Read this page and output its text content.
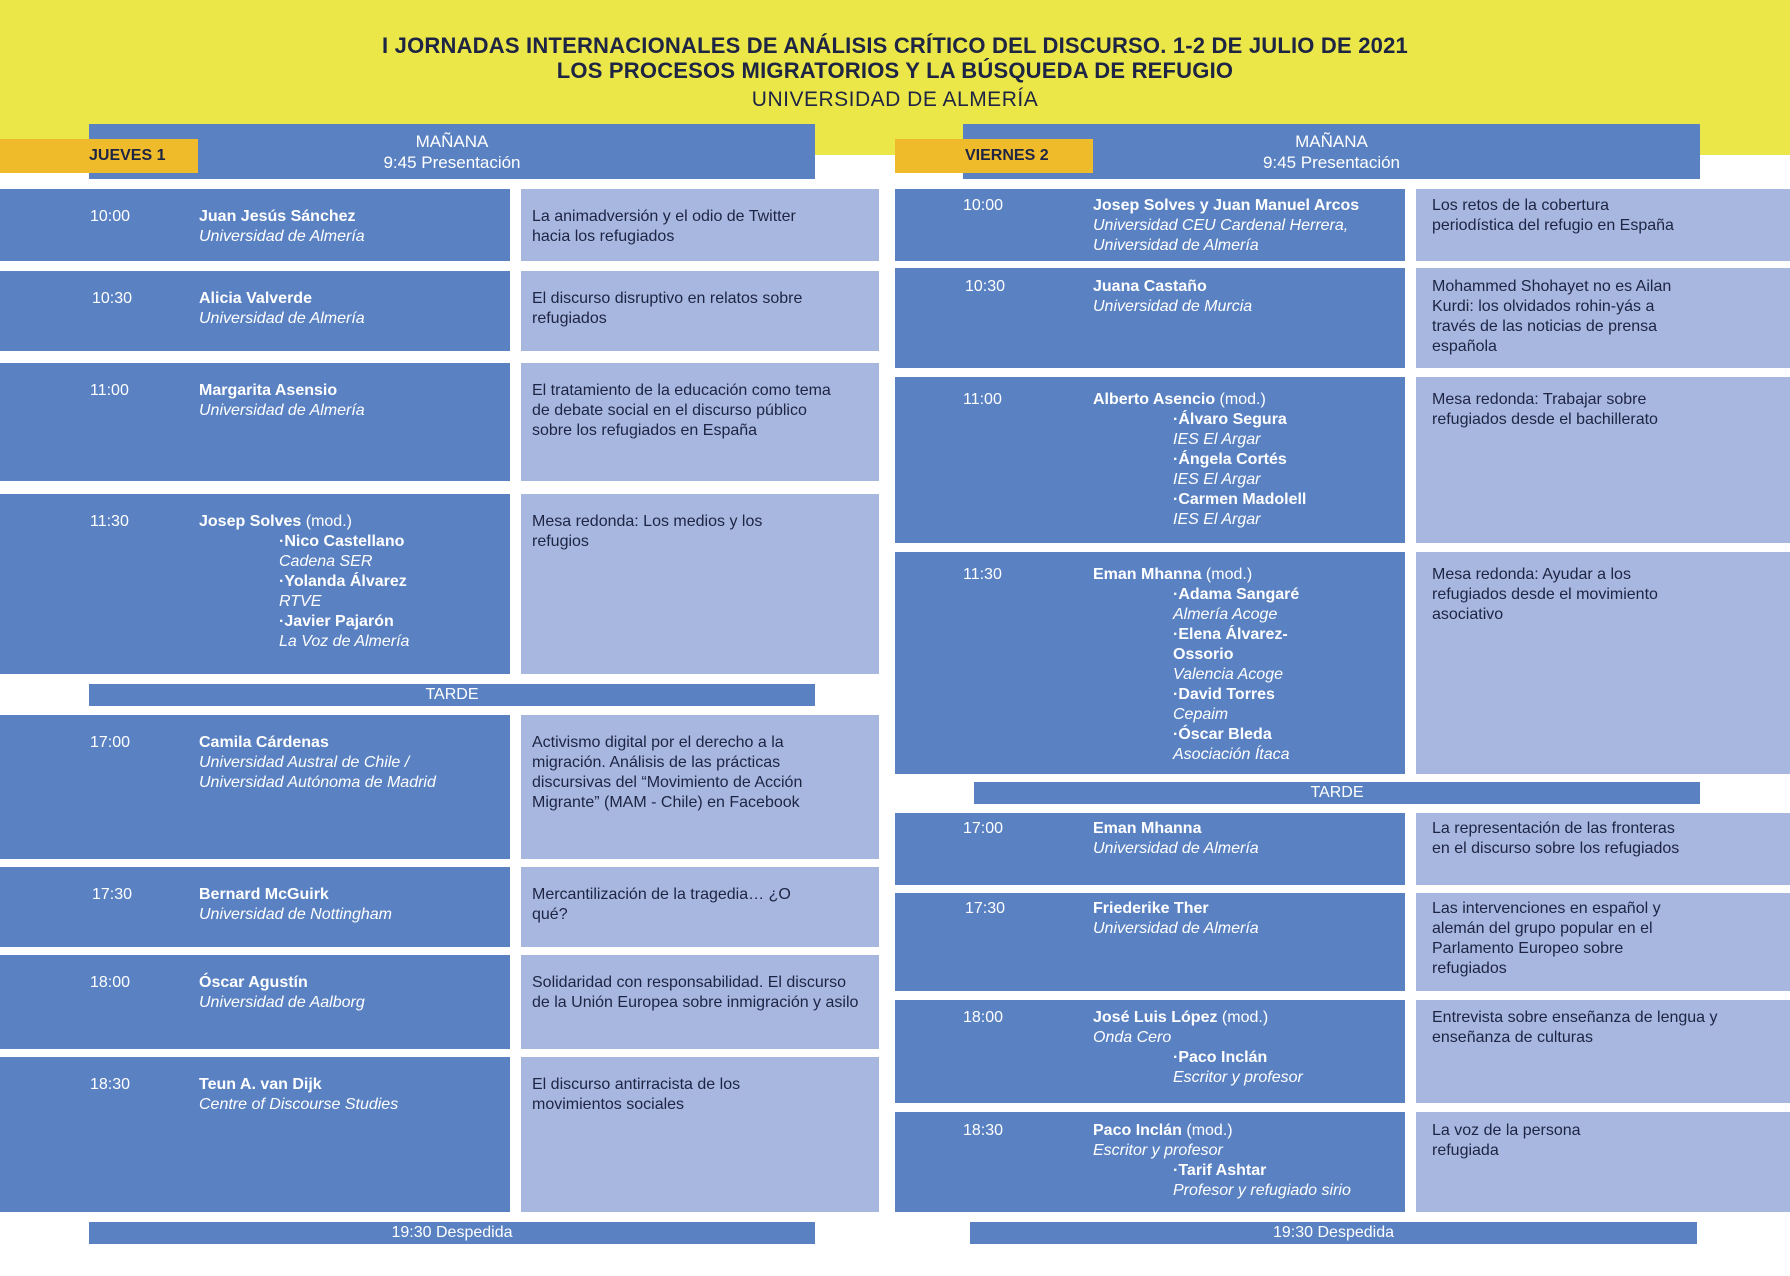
I JORNADAS INTERNACIONALES DE ANÁLISIS CRÍTICO DEL DISCURSO. 1-2 DE JULIO DE 2021
LOS PROCESOS MIGRATORIOS Y LA BÚSQUEDA DE REFUGIO
UNIVERSIDAD DE ALMERÍA
MAÑANA
9:45 Presentación
JUEVES 1
10:00	Juan Jesús Sánchez
Universidad de Almería
La animadversión y el odio de Twitter hacia los refugiados
10:30	Alicia Valverde
Universidad de Almería
El discurso disruptivo en relatos sobre refugiados
11:00	Margarita Asensio
Universidad de Almería
El tratamiento de la educación como tema de debate social en el discurso público sobre los refugiados en España
11:30	Josep Solves (mod.)
·Nico Castellano
Cadena SER
·Yolanda Álvarez
RTVE
·Javier Pajarón
La Voz de Almería
Mesa redonda: Los medios y los refugios
TARDE
17:00	Camila Cárdenas
Universidad Austral de Chile /
Universidad Autónoma de Madrid
Activismo digital por el derecho a la migración. Análisis de las prácticas discursivas del “Movimiento de Acción Migrante” (MAM - Chile) en Facebook
17:30	Bernard McGuirk
Universidad de Nottingham
Mercantilización de la tragedia… ¿O qué?
18:00	Óscar Agustín
Universidad de Aalborg
Solidaridad con responsabilidad. El discurso de la Unión Europea sobre inmigración y asilo
18:30	Teun A. van Dijk
Centre of Discourse Studies
El discurso antirracista de los movimientos sociales
19:30 Despedida
MAÑANA
9:45 Presentación
VIERNES 2
10:00	Josep Solves y Juan Manuel Arcos
Universidad CEU Cardenal Herrera,
Universidad de Almería
Los retos de la cobertura periodística del refugio en España
10:30	Juana Castaño
Universidad de Murcia
Mohammed Shohayet no es Ailan Kurdi: los olvidados rohin-yás a través de las noticias de prensa española
11:00	Alberto Asencio (mod.)
·Álvaro Segura
IES El Argar
·Ángela Cortés
IES El Argar
·Carmen Madolell
IES El Argar
Mesa redonda: Trabajar sobre refugiados desde el bachillerato
11:30	Eman Mhanna (mod.)
·Adama Sangaré
Almería Acoge
·Elena Álvarez-
Ossorio
Valencia Acoge
·David Torres
Cepaim
·Óscar Bleda
Asociación Ítaca
Mesa redonda: Ayudar a los refugiados desde el movimiento asociativo
TARDE
17:00	Eman Mhanna
Universidad de Almería
La representación de las fronteras en el discurso sobre los refugiados
17:30	Friederike Ther
Universidad de Almería
Las intervenciones en español y alemán del grupo popular en el Parlamento Europeo sobre refugiados
18:00	José Luis López (mod.)
Onda Cero
·Paco Inclán
Escritor y profesor
Entrevista sobre enseñanza de lengua y enseñanza de culturas
18:30	Paco Inclán (mod.)
Escritor y profesor
·Tarif Ashtar
Profesor y refugiado sirio
La voz de la persona refugiada
19:30 Despedida
